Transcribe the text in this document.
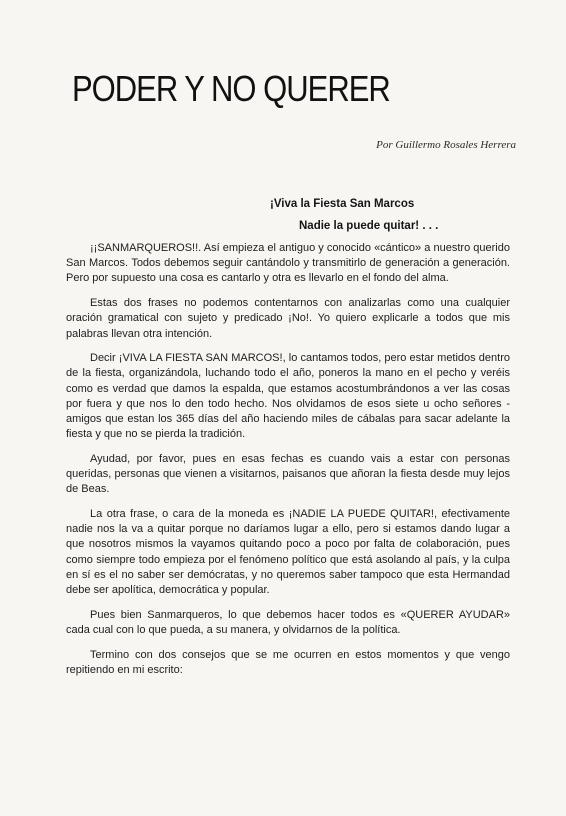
PODER Y NO QUERER
Por Guillermo Rosales Herrera
¡Viva la Fiesta San Marcos
Nadie la puede quitar! . . .

¡¡SANMARQUEROS!!. Así empieza el antiguo y conocido «cántico» a nuestro querido San Marcos. Todos debemos seguir cantándolo y transmitirlo de generación a generación. Pero por supuesto una cosa es cantarlo y otra es llevarlo en el fondo del alma.

Estas dos frases no podemos contentarnos con analizarlas como una cualquier oración gramatical con sujeto y predicado ¡No!. Yo quiero explicarle a todos que mis palabras llevan otra intención.

Decir ¡VIVA LA FIESTA SAN MARCOS!, lo cantamos todos, pero estar metidos dentro de la fiesta, organizándola, luchando todo el año, poneros la mano en el pecho y veréis como es verdad que damos la espalda, que estamos acostumbrándonos a ver las cosas por fuera y que nos lo den todo hecho. Nos olvidamos de esos siete u ocho señores - amigos que estan los 365 días del año haciendo miles de cábalas para sacar adelante la fiesta y que no se pierda la tradición.

Ayudad, por favor, pues en esas fechas es cuando vais a estar con personas queridas, personas que vienen a visitarnos, paisanos que añoran la fiesta desde muy lejos de Beas.

La otra frase, o cara de la moneda es ¡NADIE LA PUEDE QUITAR!, efectivamente nadie nos la va a quitar porque no daríamos lugar a ello, pero si estamos dando lugar a que nosotros mismos la vayamos quitando poco a poco por falta de colaboración, pues como siempre todo empieza por el fenómeno político que está asolando al país, y la culpa en sí es el no saber ser demócratas, y no queremos saber tampoco que esta Hermandad debe ser apolítica, democrática y popular.

Pues bien Sanmarqueros, lo que debemos hacer todos es «QUERER AYUDAR» cada cual con lo que pueda, a su manera, y olvidarnos de la política.

Termino con dos consejos que se me ocurren en estos momentos y que vengo repitiendo en mi escrito:
